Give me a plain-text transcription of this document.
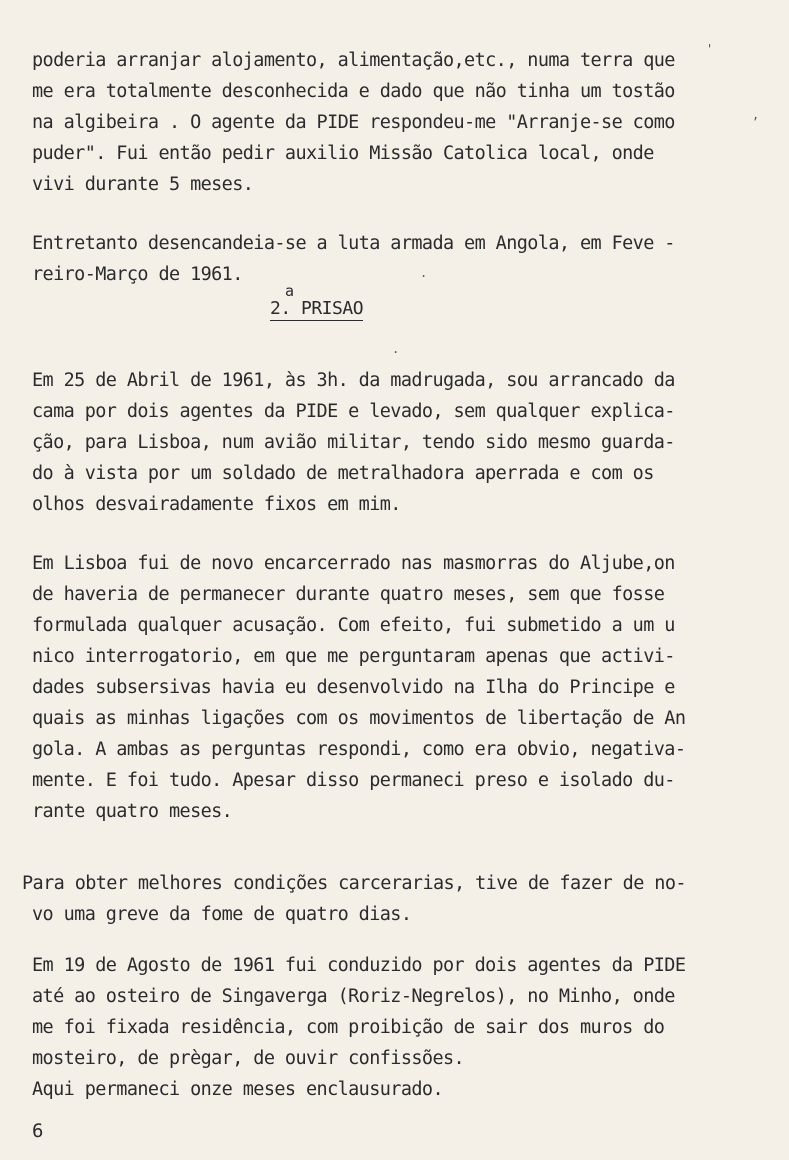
poderia arranjar alojamento, alimentação,etc., numa terra que
me era totalmente desconhecida e dado que não tinha um tostão
na algibeira . O agente da PIDE respondeu-me "Arranje-se como
puder". Fui então pedir auxilio Missão Catolica local, onde
vivi durante 5 meses.

Entretanto desencandeia-se a luta armada em Angola, em Feve -
reiro-Março de 1961.

a
2. PRISAO

Em 25 de Abril de 1961, às 3h. da madrugada, sou arrancado da
cama por dois agentes da PIDE e levado, sem qualquer explica-
ção, para Lisboa, num avião militar, tendo sido mesmo guarda-
do à vista por um soldado de metralhadora aperrada e com os
olhos desvairadamente fixos em mim.

Em Lisboa fui de novo encarcerrado nas masmorras do Aljube,on
de haveria de permanecer durante quatro meses, sem que fosse
formulada qualquer acusação. Com efeito, fui submetido a um u
nico interrogatorio, em que me perguntaram apenas que activi-
dades subsersivas havia eu desenvolvido na Ilha do Principe e
quais as minhas ligações com os movimentos de libertação de An
gola. A ambas as perguntas respondi, como era obvio, negativa-
mente. E foi tudo. Apesar disso permaneci preso e isolado du-
rante quatro meses.

Para obter melhores condições carcerarias, tive de fazer de no-
vo uma greve da fome de quatro dias.

Em 19 de Agosto de 1961 fui conduzido por dois agentes da PIDE
até ao osteiro de Singaverga (Roriz-Negrelos), no Minho, onde
me foi fixada residência, com proibição de sair dos muros do
mosteiro, de prègar, de ouvir confissões.
Aqui permaneci onze meses enclausurado.

6
'
,
.
.
